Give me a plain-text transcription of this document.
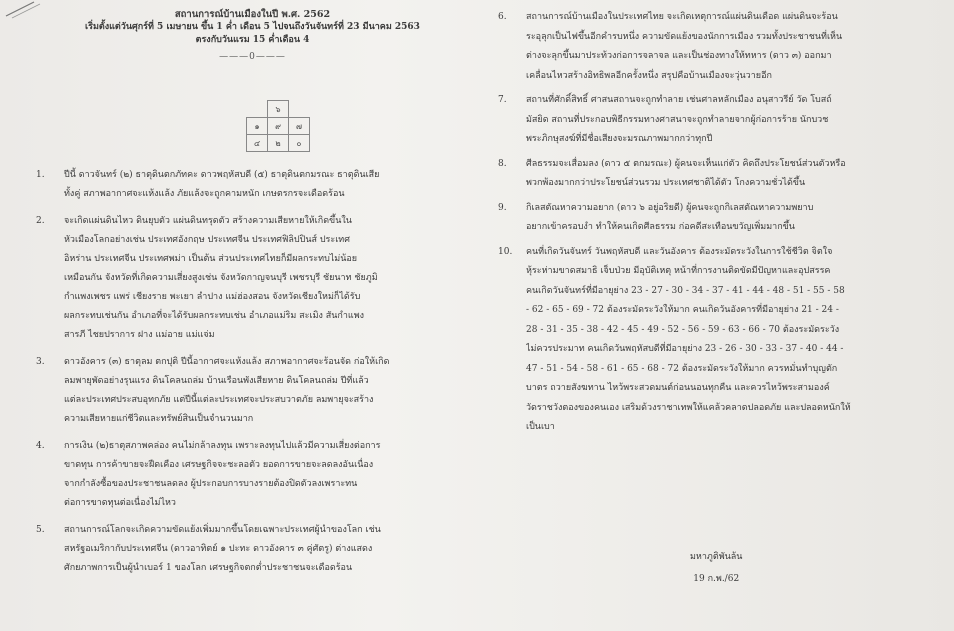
สถานการณ์บ้านเมืองในปี พ.ศ. 2562
เริ่มตั้งแต่วันศุกร์ที่ 5 เมษายน ขึ้น 1 ค่ำ เดือน 5 ไปจนถึงวันจันทร์ที่ 23 มีนาคม 2563
ตรงกับวันแรม 15 ค่ำเดือน 4
———0———
	๖	
๑	๙	๗
๔	๒	๐
1.	ปีนี้ ดาวจันทร์ (๒) ธาตุดินตกภัทคะ ดาวพฤหัสบดี (๕) ธาตุดินตกมรณะ ธาตุดินเสีย
ทั้งคู่ สภาพอากาศจะแห้งแล้ง ภัยแล้งจะถูกคามหนัก เกษตรกรจะเดือดร้อน
2.	จะเกิดแผ่นดินไหว ดินยุบตัว แผ่นดินทรุดตัว สร้างความเสียหายให้เกิดขึ้นใน
หัวเมืองโลกอย่างเช่น ประเทศอังกฤษ ประเทศจีน ประเทศฟิลิปปินส์ ประเทศ
อิหร่าน ประเทศจีน ประเทศพม่า เป็นต้น ส่วนประเทศไทยก็มีผลกระทบไม่น้อย
เหมือนกัน จังหวัดที่เกิดความเสี่ยงสูงเช่น จังหวัดกาญจนบุรี เพชรบุรี ชัยนาท ชัยภูมิ
กำแพงเพชร แพร่ เชียงราย พะเยา ลำปาง แม่ฮ่องสอน จังหวัดเชียงใหม่ก็ได้รับ
ผลกระทบเช่นกัน อำเภอที่จะได้รับผลกระทบเช่น อำเภอแม่ริม สะเมิง สันกำแพง
สารภี ไชยปราการ ฝาง แม่อาย แม่แจ่ม
3.	ดาวอังคาร (๓) ธาตุลม ตกปุติ ปีนี้อากาศจะแห้งแล้ง สภาพอากาศจะร้อนจัด ก่อให้เกิด
ลมพายุพัดอย่างรุนแรง ดินโคลนถล่ม บ้านเรือนพังเสียหาย ดินโคลนถล่ม ปีที่แล้ว
แต่ละประเทศประสบอุทกภัย แต่ปีนี้แต่ละประเทศจะประสบวาตภัย ลมพายุจะสร้าง
ความเสียหายแก่ชีวิตและทรัพย์สินเป็นจำนวนมาก
4.	การเงิน (๒)ธาตุสภาพคล่อง คนไม่กล้าลงทุน เพราะลงทุนไปแล้วมีความเสี่ยงต่อการ
ขาดทุน การค้าขายจะฝืดเคือง เศรษฐกิจจะชะลอตัว ยอดการขายจะลดลงอันเนื่อง
จากกำลังซื้อของประชาชนลดลง ผู้ประกอบการบางรายต้องปิดตัวลงเพราะทน
ต่อการขาดทุนต่อเนื่องไม่ไหว
5.	สถานการณ์โลกจะเกิดความขัดแย้งเพิ่มมากขึ้นโดยเฉพาะประเทศผู้นำของโลก เช่น
สหรัฐอเมริกากับประเทศจีน (ดาวอาทิตย์ ๑ ปะทะ ดาวอังคาร ๓ คู่ศัตรู) ต่างแสดง
ศักยภาพการเป็นผู้นำเบอร์ 1 ของโลก เศรษฐกิจตกต่ำประชาชนจะเดือดร้อน
6.	สถานการณ์บ้านเมืองในประเทศไทย จะเกิดเหตุการณ์แผ่นดินเดือด แผ่นดินจะร้อน
ระอุลุกเป็นไฟขึ้นอีกคำรบหนึ่ง ความขัดแย้งของนักการเมือง รวมทั้งประชาชนที่เห็น
ต่างจะลุกขึ้นมาประท้วงก่อการจลาจล และเป็นช่องทางให้ทหาร (ดาว ๓) ออกมา
เคลื่อนไหวสร้างอิทธิพลอีกครั้งหนึ่ง สรุปคือบ้านเมืองจะวุ่นวายอีก
7.	สถานที่ศักดิ์สิทธิ์ ศาสนสถานจะถูกทำลาย เช่นศาลหลักเมือง อนุสาวรีย์ วัด โบสถ์
มัสยิด สถานที่ประกอบพิธีกรรมทางศาสนาจะถูกทำลายจากผู้ก่อการร้าย นักบวช
พระภิกษุสงฆ์ที่มีชื่อเสียงจะมรณภาพมากกว่าทุกปี
8.	ศีลธรรมจะเสื่อมลง (ดาว ๕ ตกมรณะ) ผู้คนจะเห็นแก่ตัว คิดถึงประโยชน์ส่วนตัวหรือ
พวกพ้องมากกว่าประโยชน์ส่วนรวม ประเทศชาติได้ตัว โกงความชั่วได้ขึ้น
9.	กิเลสตัณหาความอยาก (ดาว ๖ อยู่อริยดี) ผู้คนจะถูกกิเลสตัณหาความพยาบ
อยากเข้าครอบงำ ทำให้คนเกิดศีลธรรม ก่อคดีสะเทือนขวัญเพิ่มมากขึ้น
10.	คนที่เกิดวันจันทร์ วันพฤหัสบดี และวันอังคาร ต้องระมัดระวังในการใช้ชีวิต จิตใจ
หุ้ระห่ามขาดสมาธิ เจ็บป่วย มีอุบัติเหตุ หน้าที่การงานติดขัดมีปัญหาและอุปสรรค
คนเกิดวันจันทร์ที่มีอายุย่าง 23 - 27 - 30 - 34 - 37 - 41 - 44 - 48 - 51 - 55 - 58
- 62 - 65 - 69 - 72 ต้องระมัดระวังให้มาก คนเกิดวันอังคารที่มีอายุย่าง 21 - 24 -
28 - 31 - 35 - 38 - 42 - 45 - 49 - 52 - 56 - 59 - 63 - 66 - 70 ต้องระมัดระวัง
ไม่ควรประมาท คนเกิดวันพฤหัสบดีที่มีอายุย่าง 23 - 26 - 30 - 33 - 37 - 40 - 44 -
47 - 51 - 54 - 58 - 61 - 65 - 68 - 72 ต้องระมัดระวังให้มาก ควรหมั่นทำบุญตัก
บาตร ถวายสังฆทาน ไหว้พระสวดมนต์ก่อนนอนทุกคืน และควรไหว้พระสามองค์
วัดราชวังตองของคนเอง เสริมด้วงราชาเทพให้แคล้วคลาดปลอดภัย และปลอดหนักให้
เป็นเบา
มหาภูติพันล้น
19 ก.พ./62
